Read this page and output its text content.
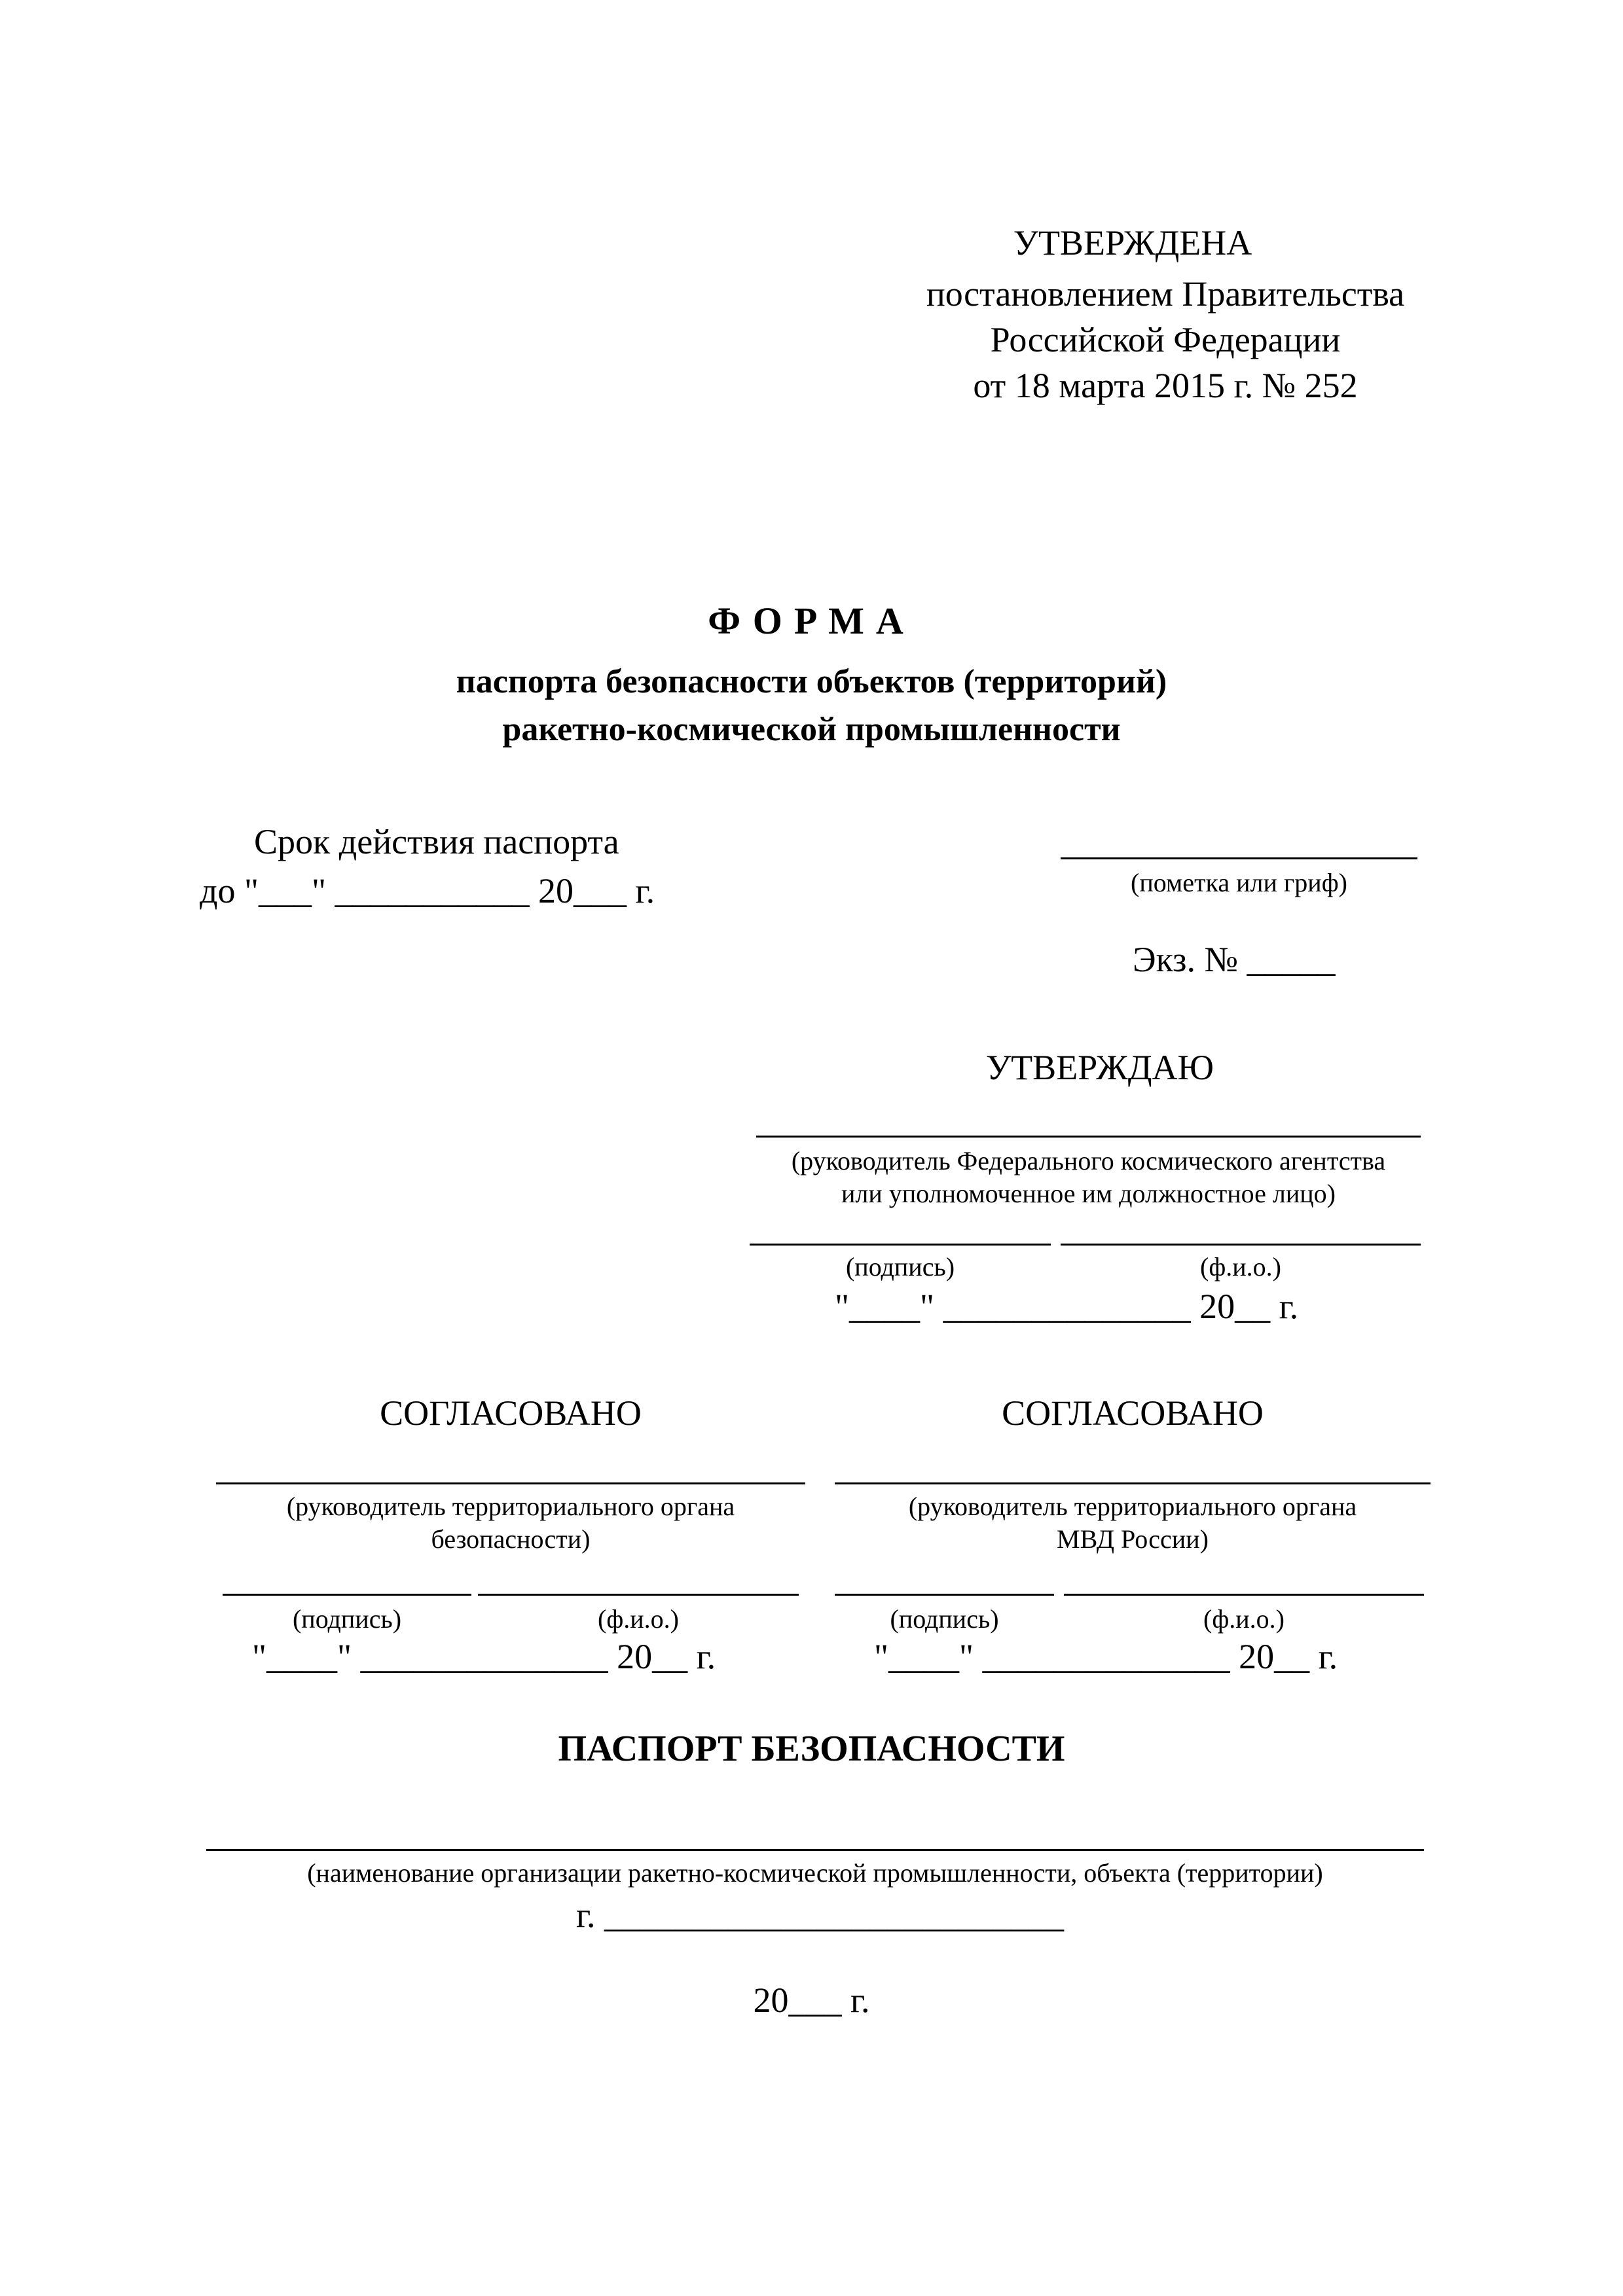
УТВЕРЖДЕНА
постановлением Правительства
Российской Федерации
от 18 марта 2015 г. № 252
ФОРМА
паспорта безопасности объектов (территорий)
ракетно-космической промышленности
Срок действия паспорта
до "___" ___________ 20___ г.	(пометка или гриф)
Экз. № _____
УТВЕРЖДАЮ
(руководитель Федерального космического агентства
или уполномоченное им должностное лицо)
(подпись)	(ф.и.о.)
"____" ______________ 20__ г.
СОГЛАСОВАНО
(руководитель территориального органа
безопасности)
(подпись)	(ф.и.о.)
"____" ______________ 20__ г.
СОГЛАСОВАНО
(руководитель территориального органа
МВД России)
(подпись)	(ф.и.о.)
"____" ______________ 20__ г.
ПАСПОРТ БЕЗОПАСНОСТИ
(наименование организации ракетно-космической промышленности, объекта (территории)
г. __________________________
20___ г.
